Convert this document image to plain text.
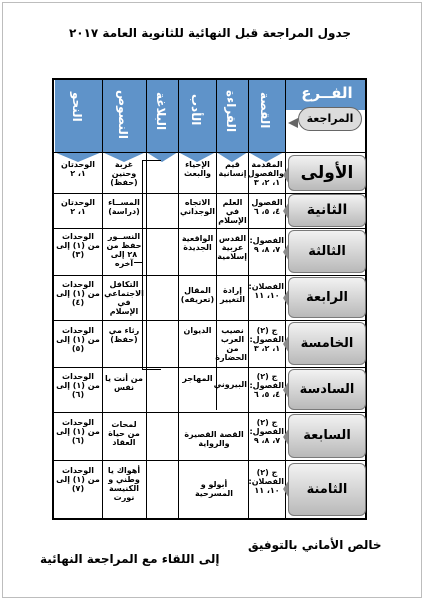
جدول المراجعة قبل النهائية للثانوية العامة ٢٠١٧
النحو	النصوص البلاغة الأدب القراءة القصة	الفــرع
المراجعة
الأولى
الثانية
الثالثة
الرابعة
الخامسة
السادسة
السابعة
الثامنة
المقدمة والفصول ١، ٢، ٣
قيم إنسانية
الإحياء والبعث
غربة وحنين (حفظ)
الوحدتان ١، ٢
الفصول ٤، ٥، ٦
العلم في الإسلام
الاتجاه الوجداني
المســاء (دراسة)
الوحدتان ١، ٢
الفصول: ٧، ٨، ٩
القدس عربية إسلامية
الواقعية الجديدة
النســور حفظ من ٢٨ إلى آخره
الوحدات من (١) إلى (٣)
الفصلان: ١٠، ١١
إرادة التغيير
المقال (تعريفه)
التكافل الاجتماعي في الإسلام
الوحدات من (١) إلى (٤)
ج (٢) الفصول: ١، ٢، ٣
نصيب العرب من الحضارة
الديوان
رثاء مي (حفظ)
الوحدات من (١) إلى (٥)
ج (٢) الفصول: ٤، ٥، ٦
البيروني
المهاجر
من أنت يا نفس
الوحدات من (١) إلى (٦)
ج (٢) الفصول: ٧، ٨، ٩
القصة القصيرة والرواية
لمحات من حياة العقاد
الوحدات من (١) إلى (٦)
ج (٢) الفصلان: ١٠، ١١
أبولو و المسرحية
أهواك يا وطني و الكنيسة نورت
الوحدات من (١) إلى (٧)
خالص الأماني بالتوفيق
إلى اللقاء مع المراجعة النهائية
